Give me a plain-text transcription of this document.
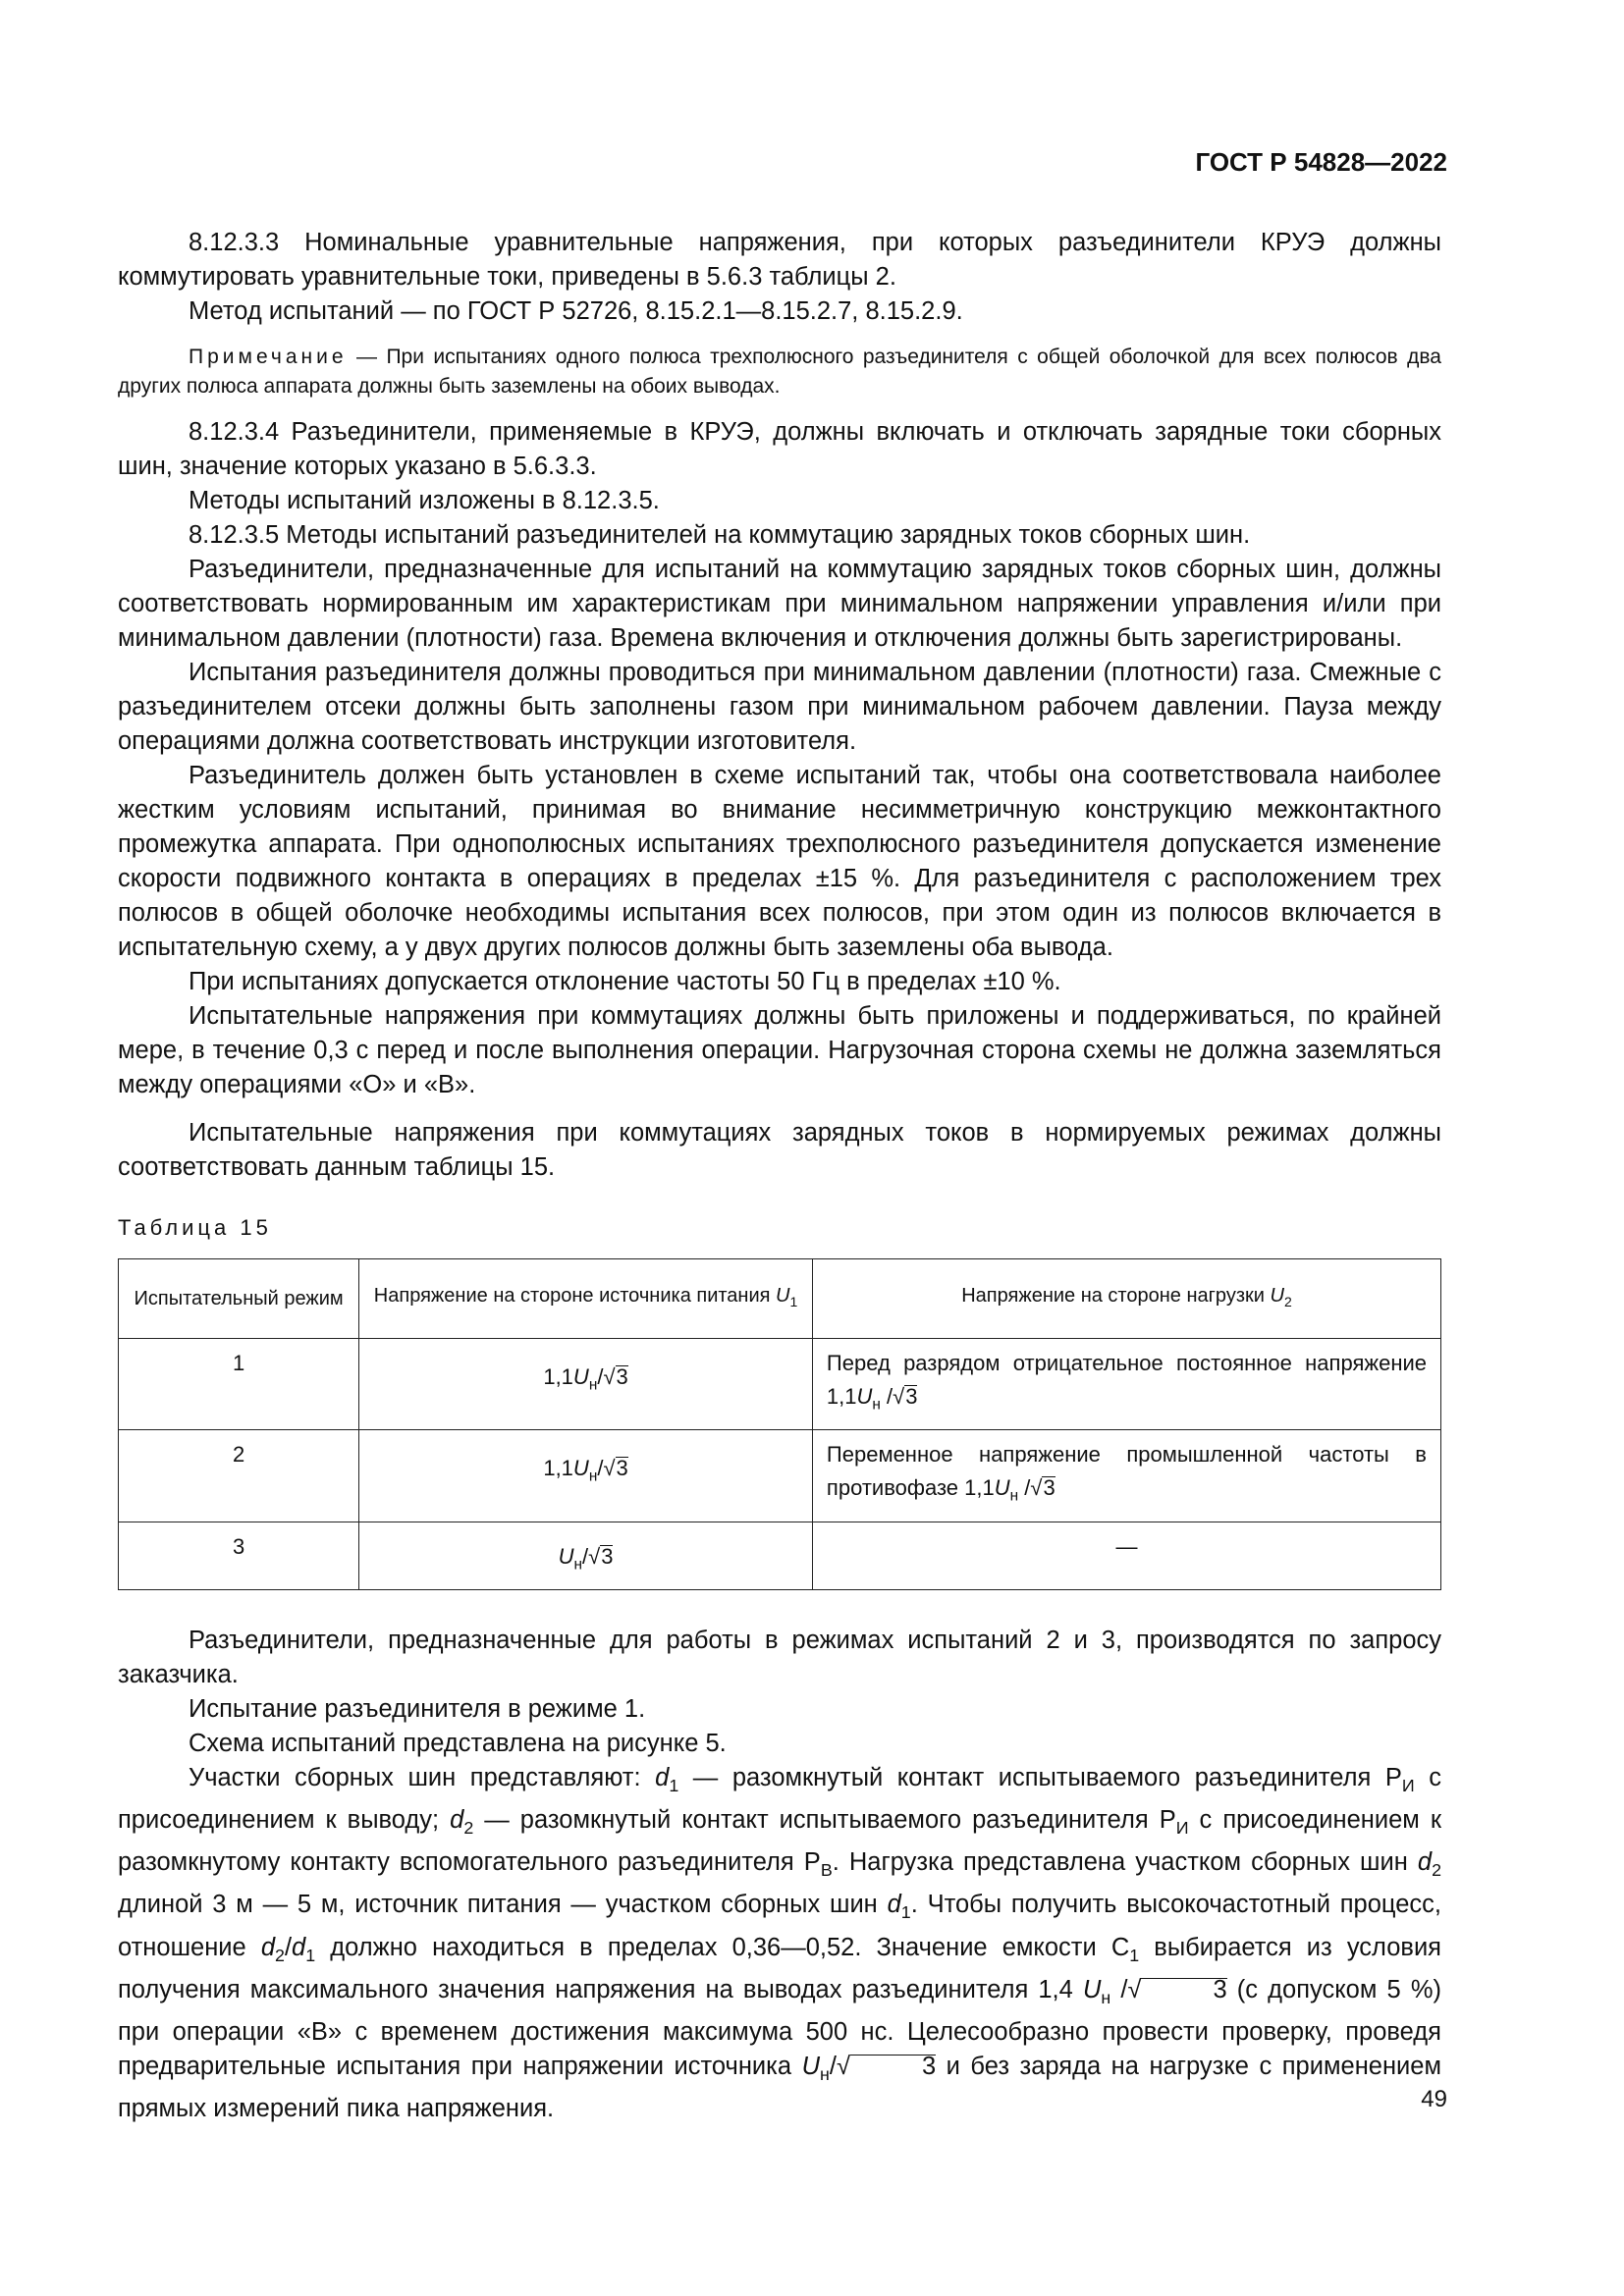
ГОСТ Р 54828—2022

8.12.3.3 Номинальные уравнительные напряжения, при которых разъединители КРУЭ должны коммутировать уравнительные токи, приведены в 5.6.3 таблицы 2.

Метод испытаний — по ГОСТ Р 52726, 8.15.2.1—8.15.2.7, 8.15.2.9.

Примечание — При испытаниях одного полюса трехполюсного разъединителя с общей оболочкой для всех полюсов два других полюса аппарата должны быть заземлены на обоих выводах.

8.12.3.4 Разъединители, применяемые в КРУЭ, должны включать и отключать зарядные токи сборных шин, значение которых указано в 5.6.3.3.

Методы испытаний изложены в 8.12.3.5.

8.12.3.5 Методы испытаний разъединителей на коммутацию зарядных токов сборных шин.

Разъединители, предназначенные для испытаний на коммутацию зарядных токов сборных шин, должны соответствовать нормированным им характеристикам при минимальном напряжении управления и/или при минимальном давлении (плотности) газа. Времена включения и отключения должны быть зарегистрированы.

Испытания разъединителя должны проводиться при минимальном давлении (плотности) газа. Смежные с разъединителем отсеки должны быть заполнены газом при минимальном рабочем давлении. Пауза между операциями должна соответствовать инструкции изготовителя.

Разъединитель должен быть установлен в схеме испытаний так, чтобы она соответствовала наиболее жестким условиям испытаний, принимая во внимание несимметричную конструкцию межконтактного промежутка аппарата. При однополюсных испытаниях трехполюсного разъединителя допускается изменение скорости подвижного контакта в операциях в пределах ±15 %. Для разъединителя с расположением трех полюсов в общей оболочке необходимы испытания всех полюсов, при этом один из полюсов включается в испытательную схему, а у двух других полюсов должны быть заземлены оба вывода.

При испытаниях допускается отклонение частоты 50 Гц в пределах ±10 %.

Испытательные напряжения при коммутациях должны быть приложены и поддерживаться, по крайней мере, в течение 0,3 с перед и после выполнения операции. Нагрузочная сторона схемы не должна заземляться между операциями «О» и «В».

Испытательные напряжения при коммутациях зарядных токов в нормируемых режимах должны соответствовать данным таблицы 15.

Таблица 15

Испытательный режим	Напряжение на стороне источника питания $U_1$	Напряжение на стороне нагрузки $U_2$
1	$1,1U_н/√3$	Перед разрядом отрицательное постоянное напряжение $1,1U_н$ /√3
2	$1,1U_н/√3$	Переменное напряжение промышленной частоты в противофазе $1,1U_н$ /√3
3	$U_н/√3$	—

Разъединители, предназначенные для работы в режимах испытаний 2 и 3, производятся по запросу заказчика.

Испытание разъединителя в режиме 1.

Схема испытаний представлена на рисунке 5.

Участки сборных шин представляют: $d_1$ — разомкнутый контакт испытываемого разъединителя $Р_И$ с присоединением к выводу; $d_2$ — разомкнутый контакт испытываемого разъединителя $Р_И$ с присоединением к разомкнутому контакту вспомогательного разъединителя $Р_В$. Нагрузка представлена участком сборных шин $d_2$ длиной 3 м — 5 м, источник питания — участком сборных шин $d_1$. Чтобы получить высокочастотный процесс, отношение $d_2/d_1$ должно находиться в пределах 0,36—0,52. Значение емкости $С_1$ выбирается из условия получения максимального значения напряжения на выводах разъединителя 1,4 $U_н$ /√	3 (с допуском 5 %) при операции «В» с временем достижения максимума 500 нс. Целесообразно провести проверку, проведя предварительные испытания при напряжении источника $U_н/√$	3 и без заряда на нагрузке с применением прямых измерений пика напряжения.	49
